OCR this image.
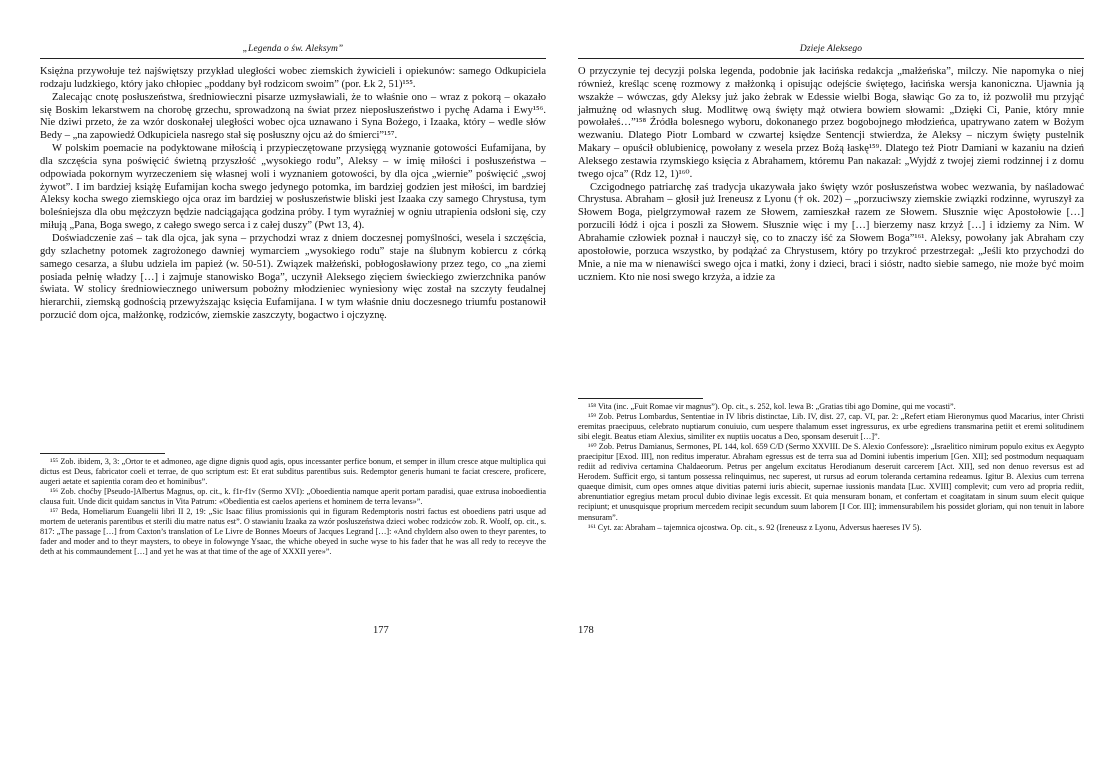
„Legenda o św. Aleksym”

Księżna przywołuje też najświętszy przykład uległości wobec ziemskich żywicieli i opiekunów: samego Odkupiciela rodzaju ludzkiego, który jako chłopiec „poddany był rodzicom swoim” (por. Łk 2, 51)¹⁵⁵.

Zalecając cnotę posłuszeństwa, średniowieczni pisarze uzmysławiali, że to właśnie ono – wraz z pokorą – okazało się Boskim lekarstwem na chorobę grzechu, sprowadzoną na świat przez nieposłuszeństwo i pychę Adama i Ewy¹⁵⁶. Nie dziwi przeto, że za wzór doskonałej uległości wobec ojca uznawano i Syna Bożego, i Izaaka, który – wedle słów Bedy – „na zapowiedź Odkupiciela nasrego stał się posłuszny ojcu aż do śmierci”¹⁵⁷.

W polskim poemacie na podyktowane miłością i przypieczętowane przysięgą wyznanie gotowości Eufamijana, by dla szczęścia syna poświęcić świetną przyszłość „wysokiego rodu”, Aleksy – w imię miłości i posłuszeństwa – odpowiada pokornym wyrzeczeniem się własnej woli i wyznaniem gotowości, by dla ojca „wiernie” poświęcić „swoj żywot”. I im bardziej książę Eufamijan kocha swego jedynego potomka, im bardziej godzien jest miłości, im bardziej Aleksy kocha swego ziemskiego ojca oraz im bardziej w posłuszeństwie bliski jest Izaaka czy samego Chrystusa, tym boleśniejsza dla obu mężczyzn będzie nadciągająca godzina próby. I tym wyraźniej w ogniu utrapienia odsłoni się, czy miłują „Pana, Boga swego, z całego swego serca i z całej duszy” (Pwt 13, 4).

Doświadczenie zaś – tak dla ojca, jak syna – przychodzi wraz z dniem doczesnej pomyślności, wesela i szczęścia, gdy szlachetny potomek zagrożonego dawniej wymarciem „wysokiego rodu” staje na ślubnym kobiercu z córką samego cesarza, a ślubu udziela im papież (w. 50-51). Związek małżeński, pobłogosławiony przez tego, co „na ziemi posiada pełnię władzy […] i zajmuje stanowisko Boga”, uczynił Aleksego zięciem świeckiego zwierzchnika panów świata. W stolicy średniowiecznego uniwersum pobożny młodzieniec wyniesiony więc został na szczyty feudalnej hierarchii, ziemską godnością przewyższając księcia Eufamijana. I w tym właśnie dniu doczesnego triumfu postanowił porzucić dom ojca, małżonkę, rodziców, ziemskie zaszczyty, bogactwo i ojczyznę.

¹⁵⁵ Zob. ibidem, 3, 3: „Ortor te et admoneo, age digne dignis quod agis, opus incessanter perfice bonum, et semper in illum cresce atque multiplica qui dictus est Deus, fabricator coeli et terrae, de quo scriptum est: Et erat subditus parentibus suis. Redemptor generis humani te faciat crescere, proficere, augeri aetate et sapientia coram deo et hominibus”.

¹⁵⁶ Zob. choćby [Pseudo-]Albertus Magnus, op. cit., k. f1r-f1v (Sermo XVI): „Oboedientia namque aperit portam paradisi, quae extrusa inoboedientia clausa fuit. Unde dicit quidam sanctus in Vita Patrum: «Obedientia est caelos aperiens et hominem de terra levans»”.

¹⁵⁷ Beda, Homeliarum Euangelii libri II 2, 19: „Sic Isaac filius promissionis qui in figuram Redemptoris nostri factus est oboediens patri usque ad mortem de ueteranis parentibus et sterili diu matre natus est”. O stawianiu Izaaka za wzór posłuszeństwa dzieci wobec rodziców zob. R. Woolf, op. cit., s. 817: „The passage […] from Caxton’s translation of Le Livre de Bonnes Moeurs of Jacques Legrand […]: «And chyldern also owen to theyr parentes, to fader and moder and to theyr maysters, to obeye in folowynge Ysaac, the whiche obeyed in suche wyse to his fader that he was all redy to receyve the deth at his commaundement […] and yet he was at that time of the age of XXXII yere»”.

177
Dzieje Aleksego

O przyczynie tej decyzji polska legenda, podobnie jak łacińska redakcja „małżeńska”, milczy. Nie napomyka o niej również, kreśląc scenę rozmowy z małżonką i opisując odejście świętego, łacińska wersja kanoniczna. Ujawnia ją wszakże – wówczas, gdy Aleksy już jako żebrak w Edessie wielbi Boga, sławiąc Go za to, iż pozwolił mu przyjąć jałmużnę od własnych sług. Modlitwę ową święty mąż otwiera bowiem słowami: „Dzięki Ci, Panie, który mnie powołałeś…”¹⁵⁸ Źródła bolesnego wyboru, dokonanego przez bogobojnego młodzieńca, upatrywano zatem w Bożym wezwaniu. Dlatego Piotr Lombard w czwartej księdze Sentencji stwierdza, że Aleksy – niczym święty pustelnik Makary – opuścił oblubienicę, powołany z wesela przez Bożą łaskę¹⁵⁹. Dlatego też Piotr Damiani w kazaniu na dzień Aleksego zestawia rzymskiego księcia z Abrahamem, któremu Pan nakazał: „Wyjdź z twojej ziemi rodzinnej i z domu twego ojca” (Rdz 12, 1)¹⁶⁰.

Czcigodnego patriarchę zaś tradycja ukazywała jako święty wzór posłuszeństwa wobec wezwania, by naśladować Chrystusa. Abraham – głosił już Ireneusz z Lyonu († ok. 202) – „porzuciwszy ziemskie związki rodzinne, wyruszył za Słowem Boga, pielgrzymował razem ze Słowem, zamieszkał razem ze Słowem. Słusznie więc Apostołowie […] porzucili łódź i ojca i poszli za Słowem. Słusznie więc i my […] bierzemy nasz krzyż […] i idziemy za Nim. W Abrahamie człowiek poznał i nauczył się, co to znaczy iść za Słowem Boga”¹⁶¹. Aleksy, powołany jak Abraham czy apostołowie, porzuca wszystko, by podążać za Chrystusem, który po trzykroć przestrzegał: „Jeśli kto przychodzi do Mnie, a nie ma w nienawiści swego ojca i matki, żony i dzieci, braci i sióstr, nadto siebie samego, nie może być moim uczniem. Kto nie nosi swego krzyża, a idzie za

¹⁵⁸ Vita (inc. „Fuit Romae vir magnus”). Op. cit., s. 252, kol. lewa B: „Gratias tibi ago Domine, qui me vocasti”.

¹⁵⁹ Zob. Petrus Lombardus, Sententiae in IV libris distinctae, Lib. IV, dist. 27, cap. VI, par. 2: „Refert etiam Hieronymus quod Macarius, inter Christi eremitas praecipuus, celebrato nuptiarum conuiuio, cum uespere thalamum esset ingressurus, ex urbe egrediens transmarina petiit et eremi solitudinem sibi elegit. Beatus etiam Alexius, similiter ex nuptiis uocatus a Deo, sponsam deseruit […]”.

¹⁶⁰ Zob. Petrus Damianus, Sermones, PL 144, kol. 659 C/D (Sermo XXVIII. De S. Alexio Confessore): „Israelitico nimirum populo exitus ex Aegypto praecipitur [Exod. III], non reditus imperatur. Abraham egressus est de terra sua ad Domini iubentis imperium [Gen. XII]; sed postmodum nequaquam rediit ad rediviva certamina Chaldaeorum. Petrus per angelum excitatus Herodianum deseruit carcerem [Act. XII], sed non denuo reversus est ad Herodem. Sufficit ergo, si tantum possessa relinquimus, nec superest, ut rursus ad eorum toleranda certamina redeamus. Igitur B. Alexius cum terrena quaeque dimisit, cum opes omnes atque divitias paterni iuris abiecit, supernae iussionis mandata [Luc. XVIII] complevit; cum vero ad propria rediit, abrenuntiatior egregius metam procul dubio divinae legis excessit. Et quia mensuram bonam, et confertam et coagitatam in sinum suum elecit quique recipiunt; et unusquisque proprium mercedem recipit secundum suum laborem [I Cor. III]; immensurabilem his possidet gloriam, qui non tenuit in labore mensuram”.

¹⁶¹ Cyt. za: Abraham – tajemnica ojcostwa. Op. cit., s. 92 (Ireneusz z Lyonu, Adversus haereses IV 5).

178
